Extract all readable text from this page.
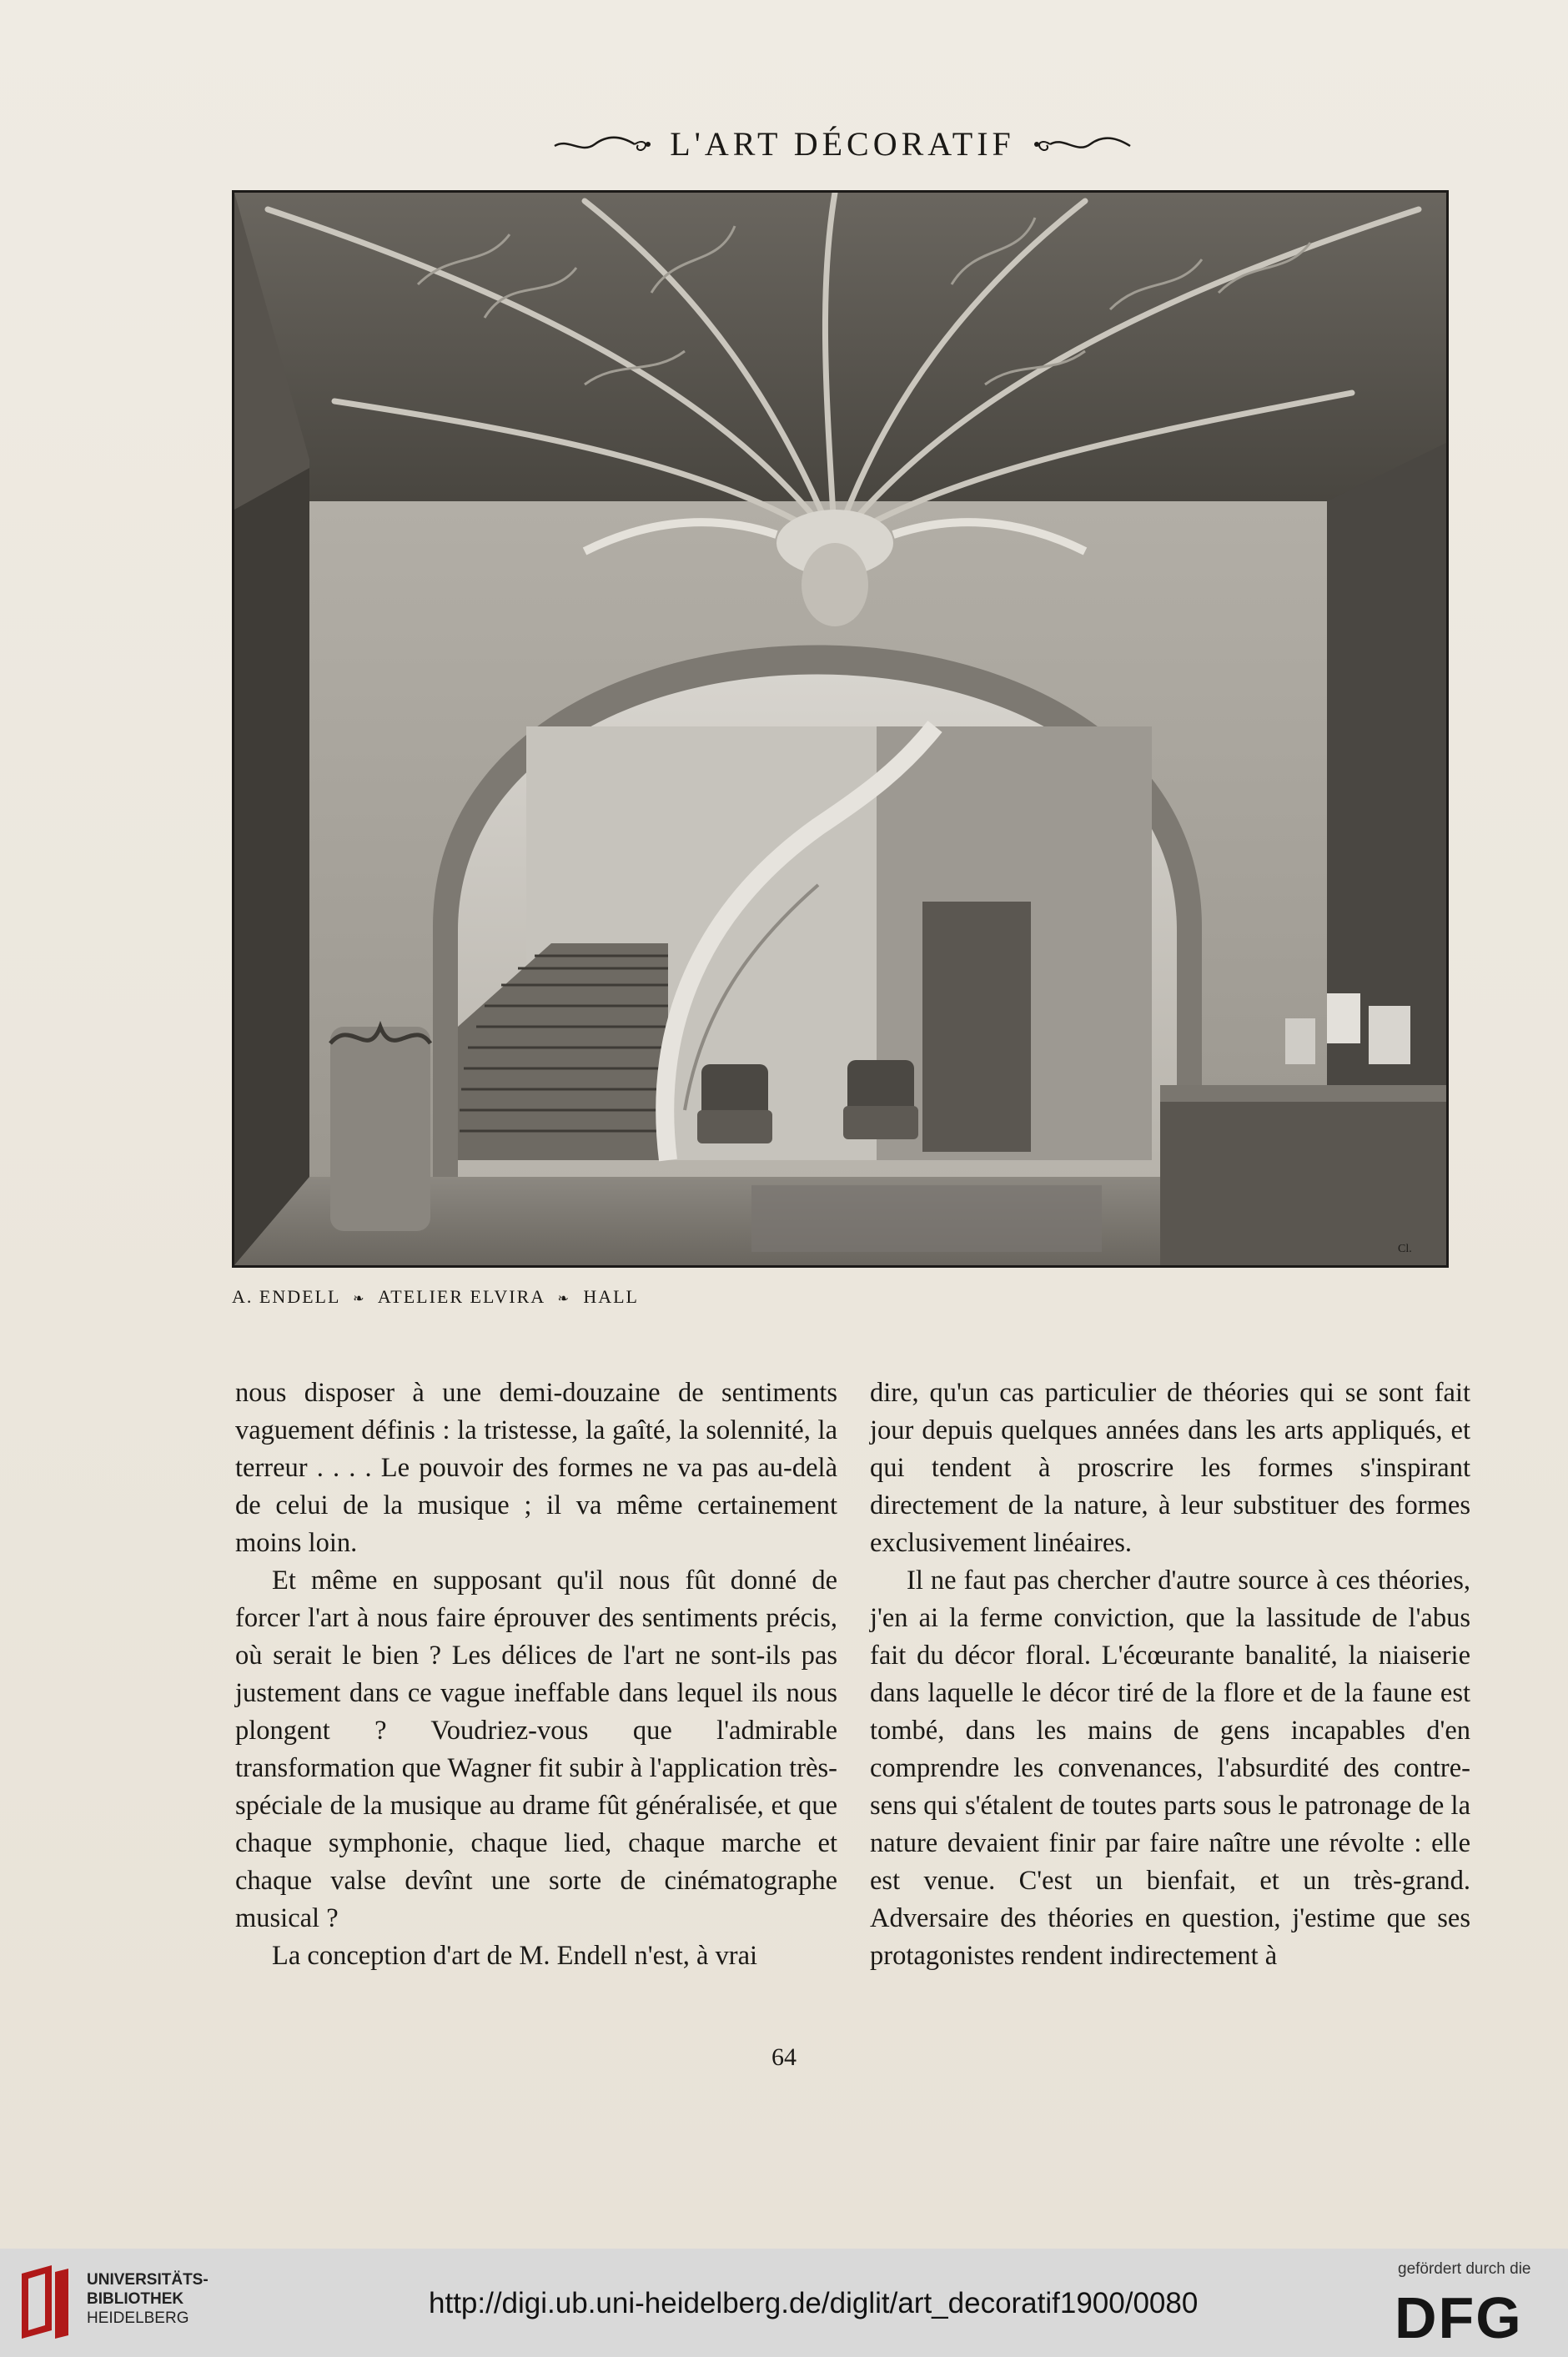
L'ART DÉCORATIF
Cl.
A. ENDELL ❧ ATELIER ELVIRA ❧ HALL

nous disposer à une demi-douzaine de sentiments vaguement définis : la tristesse, la gaîté, la solennité, la terreur . . . . Le pouvoir des formes ne va pas au-delà de celui de la musique ; il va même certainement moins loin.

Et même en supposant qu'il nous fût donné de forcer l'art à nous faire éprouver des sentiments précis, où serait le bien ? Les délices de l'art ne sont-ils pas justement dans ce vague ineffable dans lequel ils nous plongent ? Voudriez-vous que l'admirable transformation que Wagner fit subir à l'application très-spéciale de la musique au drame fût généralisée, et que chaque symphonie, chaque lied, chaque marche et chaque valse devînt une sorte de cinématographe musical ?

La conception d'art de M. Endell n'est, à vrai

dire, qu'un cas particulier de théories qui se sont fait jour depuis quelques années dans les arts appliqués, et qui tendent à proscrire les formes s'inspirant directement de la nature, à leur substituer des formes exclusivement linéaires.

Il ne faut pas chercher d'autre source à ces théories, j'en ai la ferme conviction, que la lassitude de l'abus fait du décor floral. L'écœurante banalité, la niaiserie dans laquelle le décor tiré de la flore et de la faune est tombé, dans les mains de gens incapables d'en comprendre les convenances, l'absurdité des contre-sens qui s'étalent de toutes parts sous le patronage de la nature devaient finir par faire naître une révolte : elle est venue. C'est un bienfait, et un très-grand. Adversaire des théories en question, j'estime que ses protagonistes rendent indirectement à

64
UNIVERSITÄTS-
BIBLIOTHEK
HEIDELBERG	http://digi.ub.uni-heidelberg.de/diglit/art_decoratif1900/0080
gefördert durch die
DFG
